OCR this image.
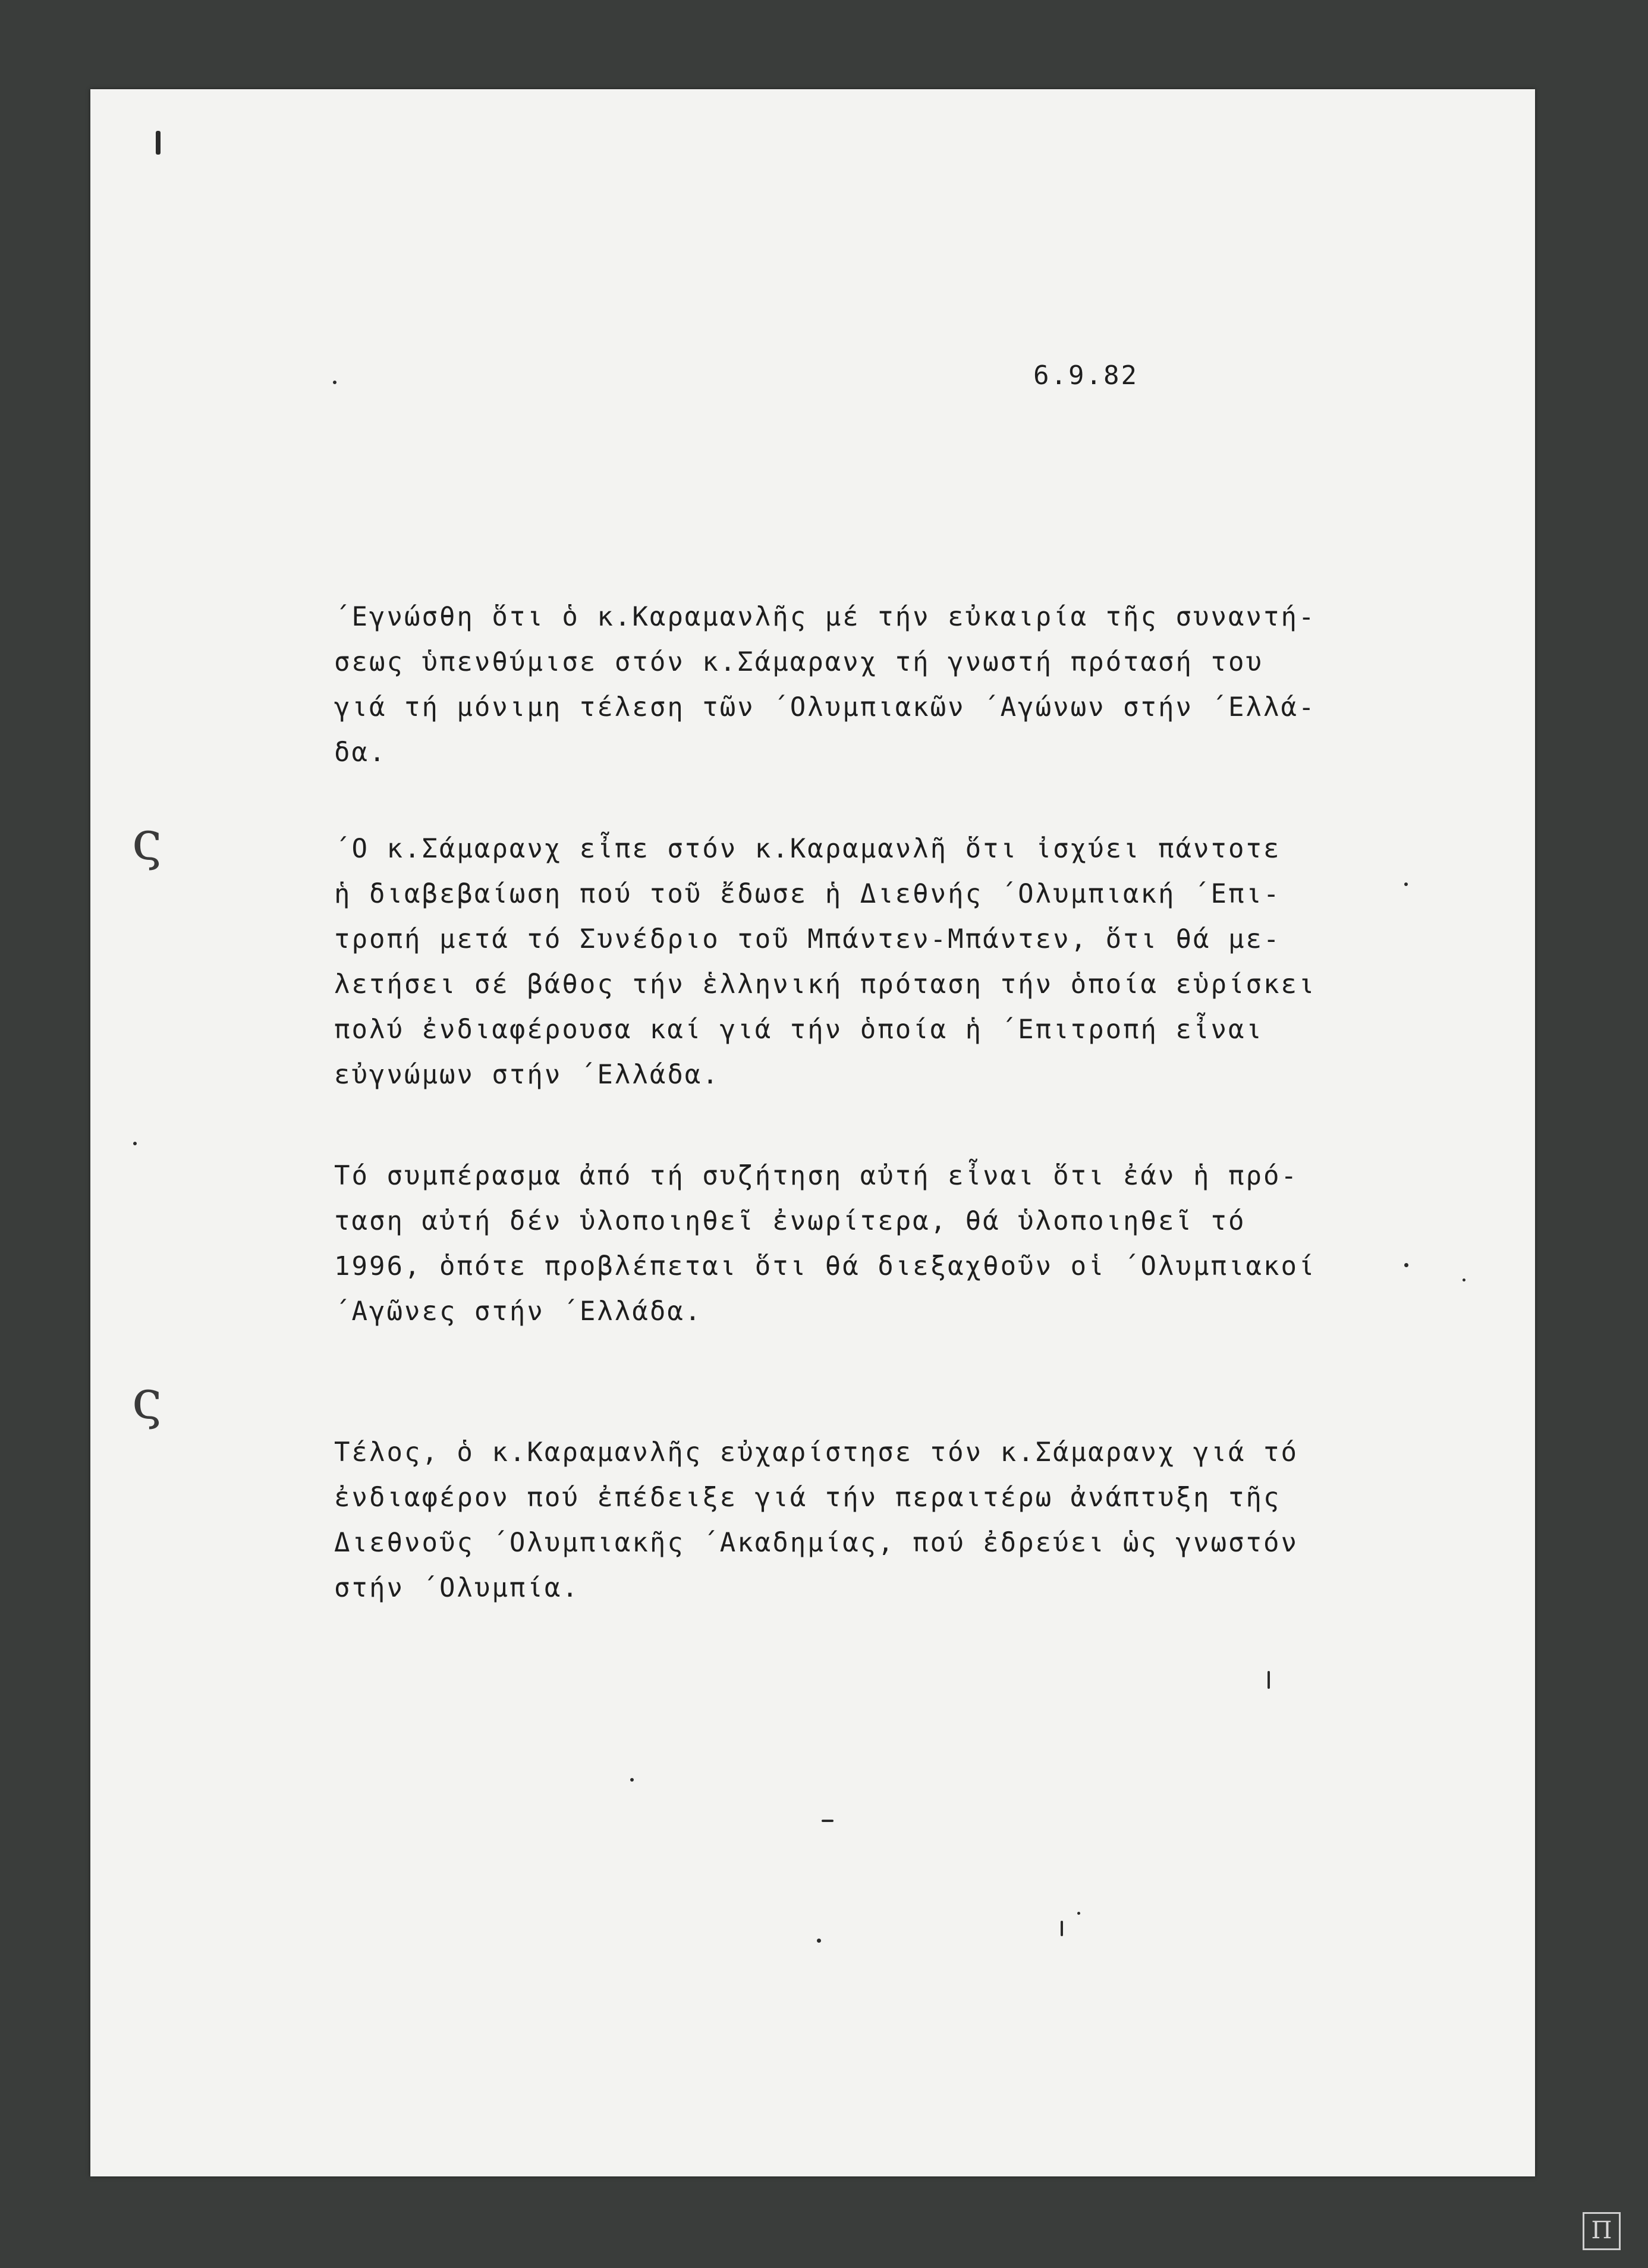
6.9.82
΄Εγνώσθη ὅτι ὁ κ.Καραμανλῆς μέ τήν εὐκαιρία τῆς συναντή-
σεως ὑπενθύμισε στόν κ.Σάμαρανχ τή γνωστή πρότασή του
γιά τή μόνιμη τέλεση τῶν ΄Ολυμπιακῶν ΄Αγώνων στήν ΄Ελλά-
δα.
΄Ο κ.Σάμαρανχ εἶπε στόν κ.Καραμανλῆ ὅτι ἰσχύει πάντοτε
ἡ διαβεβαίωση πού τοῦ ἔδωσε ἡ Διεθνής ΄Ολυμπιακή ΄Επι-
τροπή μετά τό Συνέδριο τοῦ Μπάντεν-Μπάντεν, ὅτι θά με-
λετήσει σέ βάθος τήν ἑλληνική πρόταση τήν ὁποία εὑρίσκει
πολύ ἐνδιαφέρουσα καί γιά τήν ὁποία ἡ ΄Επιτροπή εἶναι
εὐγνώμων στήν ΄Ελλάδα.
Τό συμπέρασμα ἀπό τή συζήτηση αὐτή εἶναι ὅτι ἐάν ἡ πρό-
ταση αὐτή δέν ὑλοποιηθεῖ ἐνωρίτερα, θά ὑλοποιηθεῖ τό
1996, ὁπότε προβλέπεται ὅτι θά διεξαχθοῦν οἱ ΄Ολυμπιακοί
΄Αγῶνες στήν ΄Ελλάδα.
Τέλος, ὁ κ.Καραμανλῆς εὐχαρίστησε τόν κ.Σάμαρανχ γιά τό
ἐνδιαφέρον πού ἐπέδειξε γιά τήν περαιτέρω ἀνάπτυξη τῆς
Διεθνοῦς ΄Ολυμπιακῆς ΄Ακαδημίας, πού ἐδρεύει ὡς γνωστόν
στήν ΄Ολυμπία.
ς
ς
Π
